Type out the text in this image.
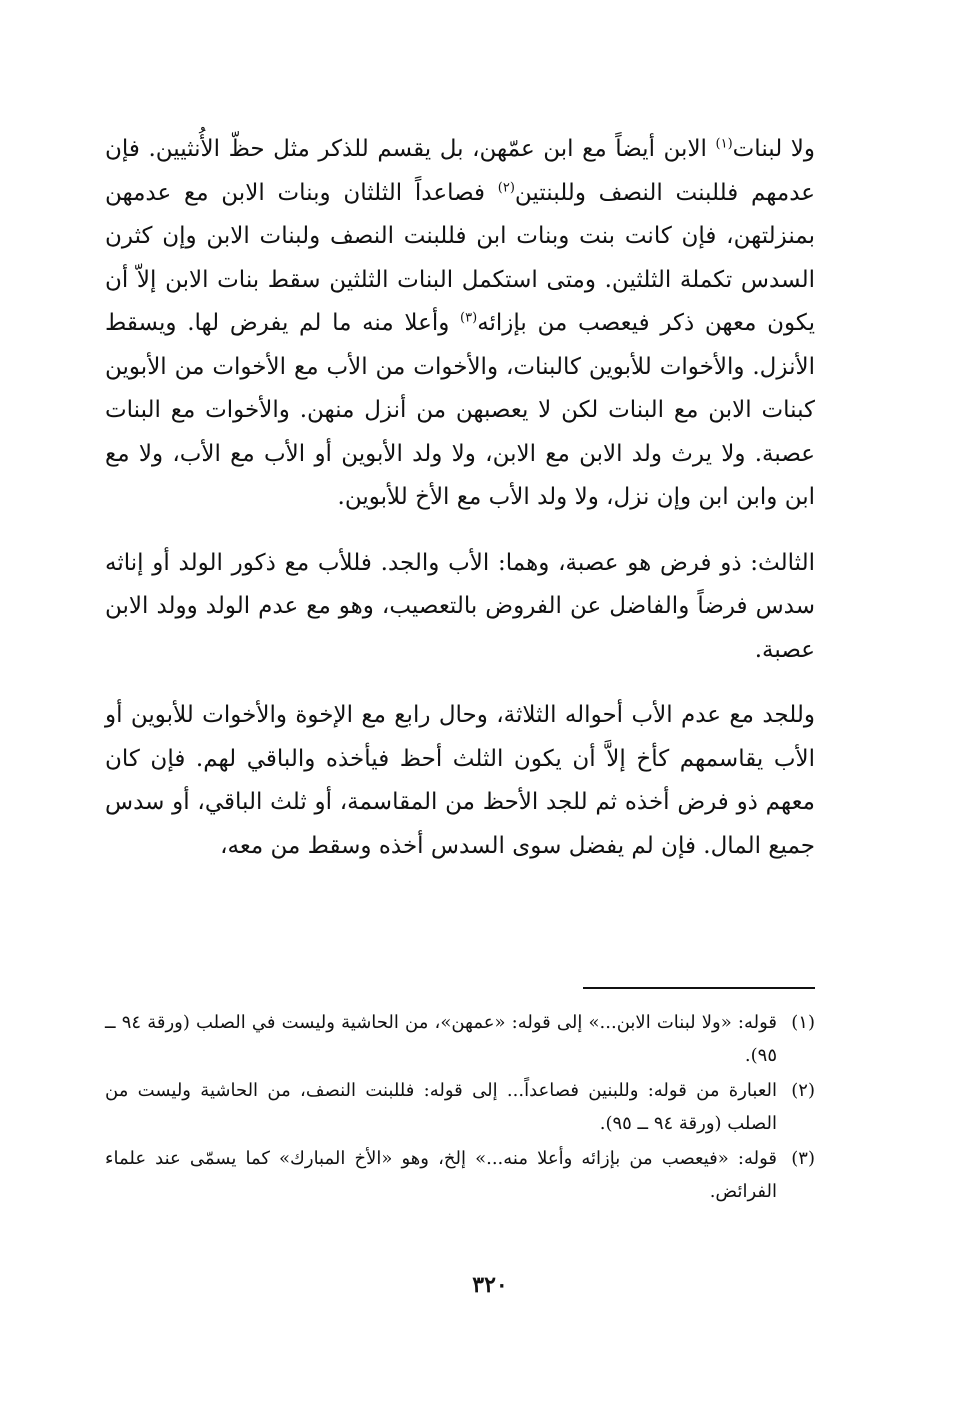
ولا لبنات$^{(١)}$ الابن أيضاً مع ابن عمّهن، بل يقسم للذكر مثل حظّ الأُنثيين. فإن عدمهم فللبنت النصف وللبنتين$^{(٢)}$ فصاعداً الثلثان وبنات الابن مع عدمهن بمنزلتهن، فإن كانت بنت وبنات ابن فللبنت النصف ولبنات الابن وإن كثرن السدس تكملة الثلثين. ومتى استكمل البنات الثلثين سقط بنات الابن إلاّ أن يكون معهن ذكر فيعصب من بإزائه$^{(٣)}$ وأعلا منه ما لم يفرض لها. ويسقط الأنزل. والأخوات للأبوين كالبنات، والأخوات من الأب مع الأخوات من الأبوين كبنات الابن مع البنات لكن لا يعصبهن من أنزل منهن. والأخوات مع البنات عصبة. ولا يرث ولد الابن مع الابن، ولا ولد الأبوين أو الأب مع الأب، ولا مع ابن وابن ابن وإن نزل، ولا ولد الأب مع الأخ للأبوين.

الثالث: ذو فرض هو عصبة، وهما: الأب والجد. فللأب مع ذكور الولد أو إناثه سدس فرضاً والفاضل عن الفروض بالتعصيب، وهو مع عدم الولد وولد الابن عصبة.

وللجد مع عدم الأب أحواله الثلاثة، وحال رابع مع الإخوة والأخوات للأبوين أو الأب يقاسمهم كأخ إلاَّ أن يكون الثلث أحظ فيأخذه والباقي لهم. فإن كان معهم ذو فرض أخذه ثم للجد الأحظ من المقاسمة، أو ثلث الباقي، أو سدس جميع المال. فإن لم يفضل سوى السدس أخذه وسقط من معه،

(١)
قوله: «ولا لبنات الابن...» إلى قوله: «عمهن»، من الحاشية وليست في الصلب (ورقة ٩٤ ــ ٩٥).
(٢)
العبارة من قوله: وللبنين فصاعداً... إلى قوله: فللبنت النصف، من الحاشية وليست من الصلب (ورقة ٩٤ ــ ٩٥).
(٣)
قوله: «فيعصب من بإزائه وأعلا منه...» إلخ، وهو «الأخ المبارك» كما يسمّى عند علماء الفرائض.
٣٢٠
